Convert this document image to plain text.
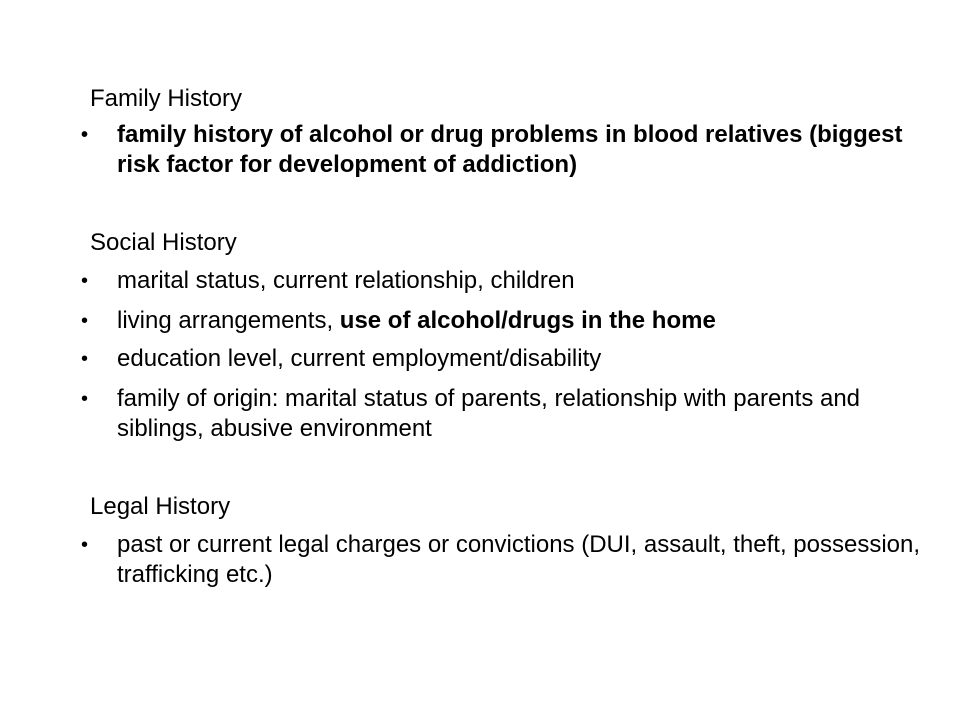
Family History
• family history of alcohol or drug problems in blood relatives (biggest risk factor for development of addiction)
Social History
• marital status, current relationship, children
• living arrangements, use of alcohol/drugs in the home
• education level, current employment/disability
• family of origin: marital status of parents, relationship with parents and siblings, abusive environment
Legal History
• past or current legal charges or convictions (DUI, assault, theft, possession, trafficking etc.)
